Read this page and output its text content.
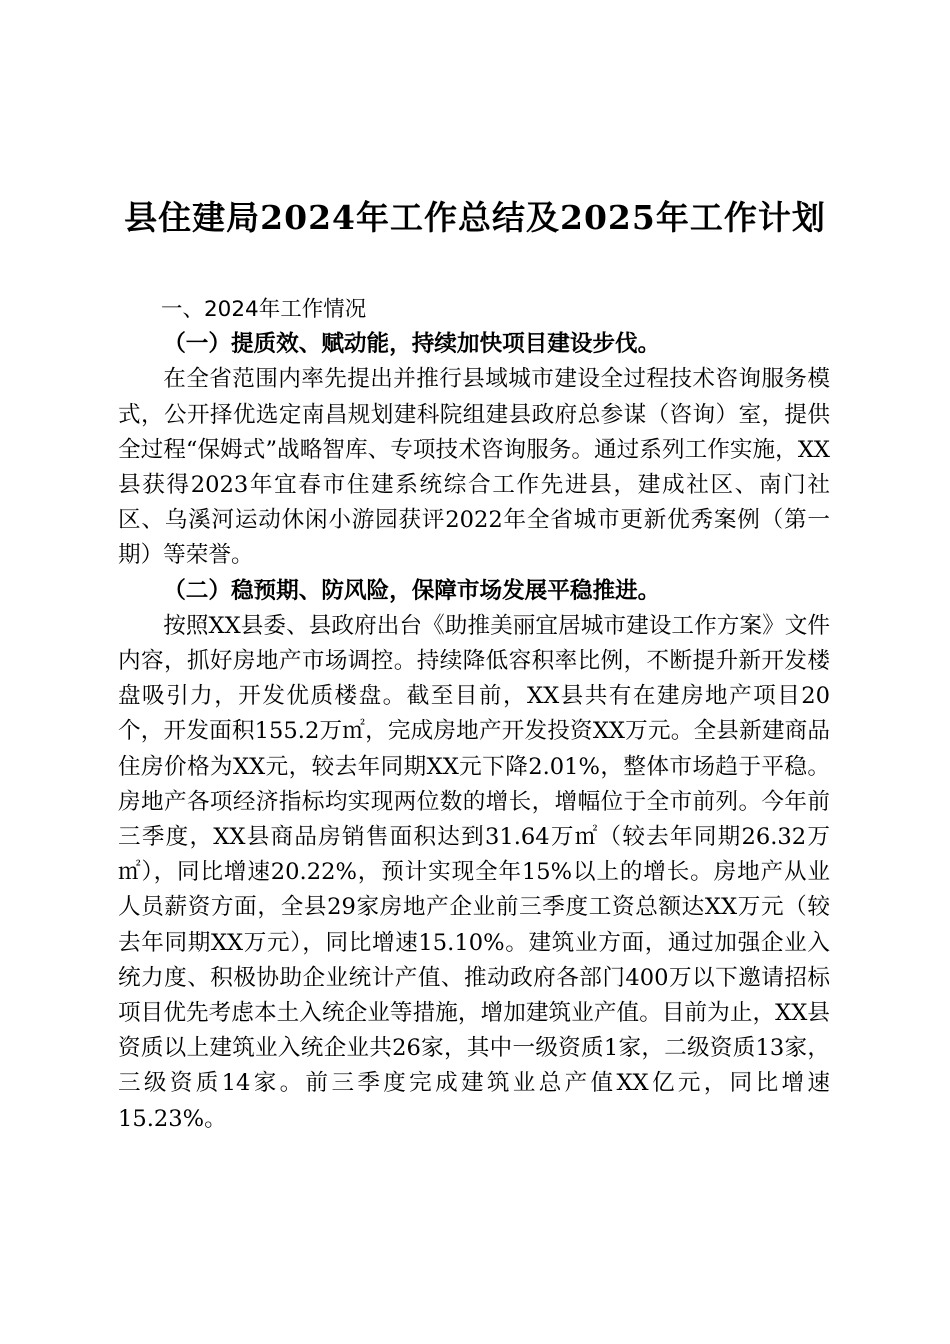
县住建局2024年工作总结及2025年工作计划

一、2024年工作情况

（一）提质效、赋动能，持续加快项目建设步伐。

在全省范围内率先提出并推行县域城市建设全过程技术咨询服务模式，公开择优选定南昌规划建科院组建县政府总参谋（咨询）室，提供全过程“保姆式”战略智库、专项技术咨询服务。通过系列工作实施，XX县获得2023年宜春市住建系统综合工作先进县，建成社区、南门社区、乌溪河运动休闲小游园获评2022年全省城市更新优秀案例（第一期）等荣誉。

（二）稳预期、防风险，保障市场发展平稳推进。

按照XX县委、县政府出台《助推美丽宜居城市建设工作方案》文件内容，抓好房地产市场调控。持续降低容积率比例，不断提升新开发楼盘吸引力，开发优质楼盘。截至目前，XX县共有在建房地产项目20个，开发面积155.2万㎡，完成房地产开发投资XX万元。全县新建商品住房价格为XX元，较去年同期XX元下降2.01%，整体市场趋于平稳。房地产各项经济指标均实现两位数的增长，增幅位于全市前列。今年前三季度，XX县商品房销售面积达到31.64万㎡（较去年同期26.32万㎡），同比增速20.22%，预计实现全年15%以上的增长。房地产从业人员薪资方面，全县29家房地产企业前三季度工资总额达XX万元（较去年同期XX万元），同比增速15.10%。建筑业方面，通过加强企业入统力度、积极协助企业统计产值、推动政府各部门400万以下邀请招标项目优先考虑本土入统企业等措施，增加建筑业产值。目前为止，XX县资质以上建筑业入统企业共26家，其中一级资质1家，二级资质13家，三级资质14家。前三季度完成建筑业总产值XX亿元，同比增速15.23%。
